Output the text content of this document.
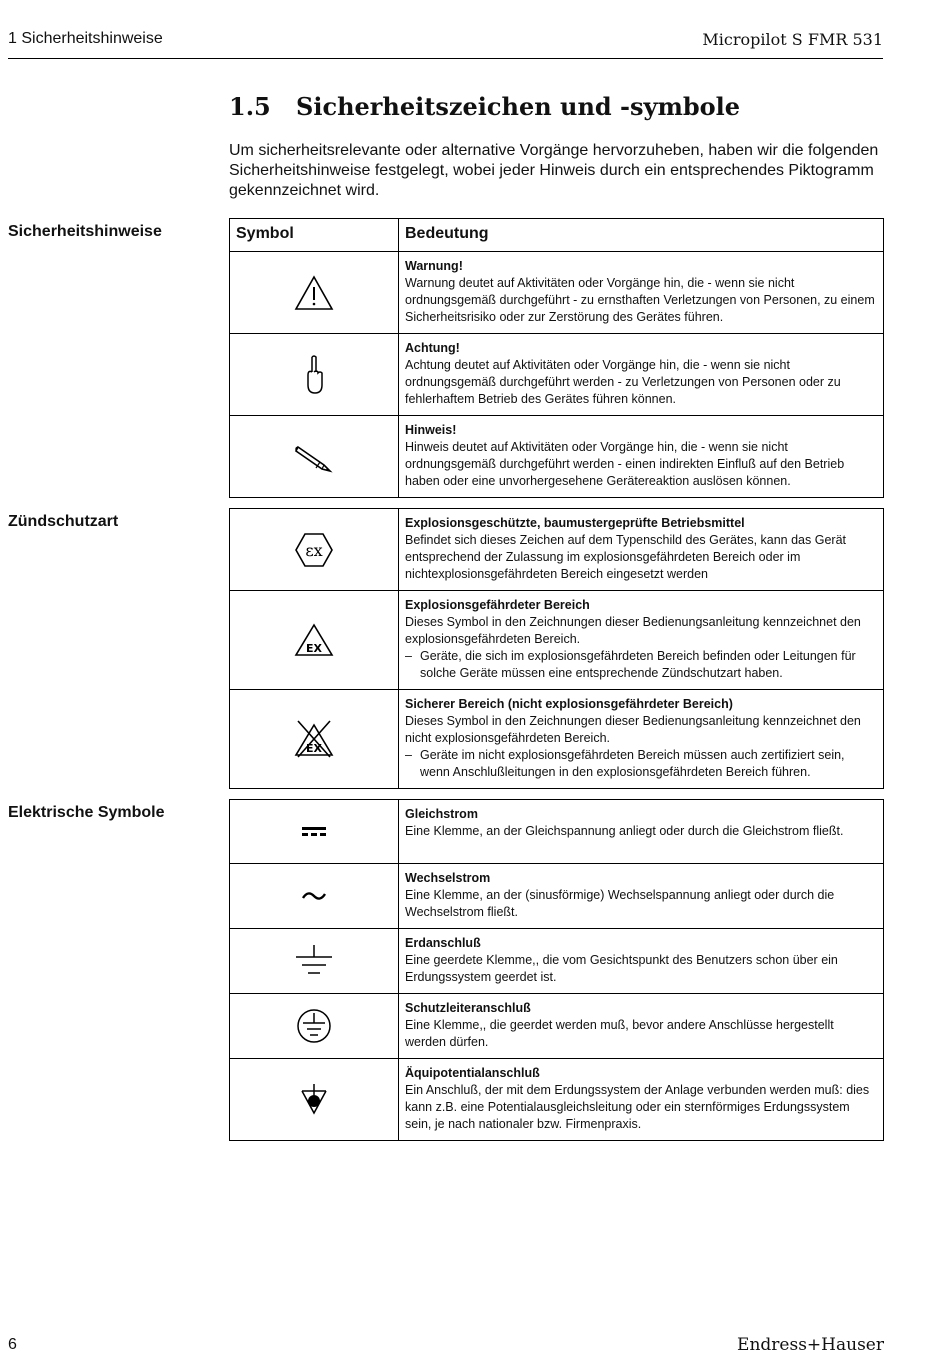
1 Sicherheitshinweise	Micropilot S FMR 531
1.5 Sicherheitszeichen und -symbole
Um sicherheitsrelevante oder alternative Vorgänge hervorzuheben, haben wir die folgenden Sicherheitshinweise festgelegt, wobei jeder Hinweis durch ein entsprechendes Piktogramm gekennzeichnet wird.
Sicherheitshinweise
Zündschutzart
Elektrische Symbole
Symbol	Bedeutung

Warnung!
Warnung deutet auf Aktivitäten oder Vorgänge hin, die - wenn sie nicht ordnungsgemäß durchgeführt - zu ernsthaften Verletzungen von Personen, zu einem Sicherheitsrisiko oder zur Zerstörung des Gerätes führen.

Achtung!
Achtung deutet auf Aktivitäten oder Vorgänge hin, die - wenn sie nicht ordnungsgemäß durchgeführt werden - zu Verletzungen von Personen oder zu fehlerhaftem Betrieb des Gerätes führen können.

Hinweis!
Hinweis deutet auf Aktivitäten oder Vorgänge hin, die - wenn sie nicht ordnungsgemäß durchgeführt werden - einen indirekten Einfluß auf den Betrieb haben oder eine unvorhergesehene Gerätereaktion auslösen können.
εx	Explosionsgeschützte, baumustergeprüfte Betriebsmittel
Befindet sich dieses Zeichen auf dem Typenschild des Gerätes, kann das Gerät entsprechend der Zulassung im explosionsgefährdeten Bereich oder im nichtexplosionsgefährdeten Bereich eingesetzt werden

EX	Explosionsgefährdeter Bereich
Dieses Symbol in den Zeichnungen dieser Bedienungsanleitung kennzeichnet den explosionsgefährdeten Bereich.
– Geräte, die sich im explosionsgefährdeten Bereich befinden oder Leitungen für solche Geräte müssen eine entsprechende Zündschutzart haben.

EX	Sicherer Bereich (nicht explosionsgefährdeter Bereich)
Dieses Symbol in den Zeichnungen dieser Bedienungsanleitung kennzeichnet den nicht explosionsgefährdeten Bereich.
– Geräte im nicht explosionsgefährdeten Bereich müssen auch zertifiziert sein, wenn Anschlußleitungen in den explosionsgefährdeten Bereich führen.

Gleichstrom
Eine Klemme, an der Gleichspannung anliegt oder durch die Gleichstrom fließt.

Wechselstrom
Eine Klemme, an der (sinusförmige) Wechselspannung anliegt oder durch die Wechselstrom fließt.

Erdanschluß
Eine geerdete Klemme,, die vom Gesichtspunkt des Benutzers schon über ein Erdungssystem geerdet ist.

Schutzleiteranschluß
Eine Klemme,, die geerdet werden muß, bevor andere Anschlüsse hergestellt werden dürfen.

Äquipotentialanschluß
Ein Anschluß, der mit dem Erdungssystem der Anlage verbunden werden muß: dies kann z.B. eine Potentialausgleichsleitung oder ein sternförmiges Erdungssystem sein, je nach nationaler bzw. Firmenpraxis.
6	Endress+Hauser
